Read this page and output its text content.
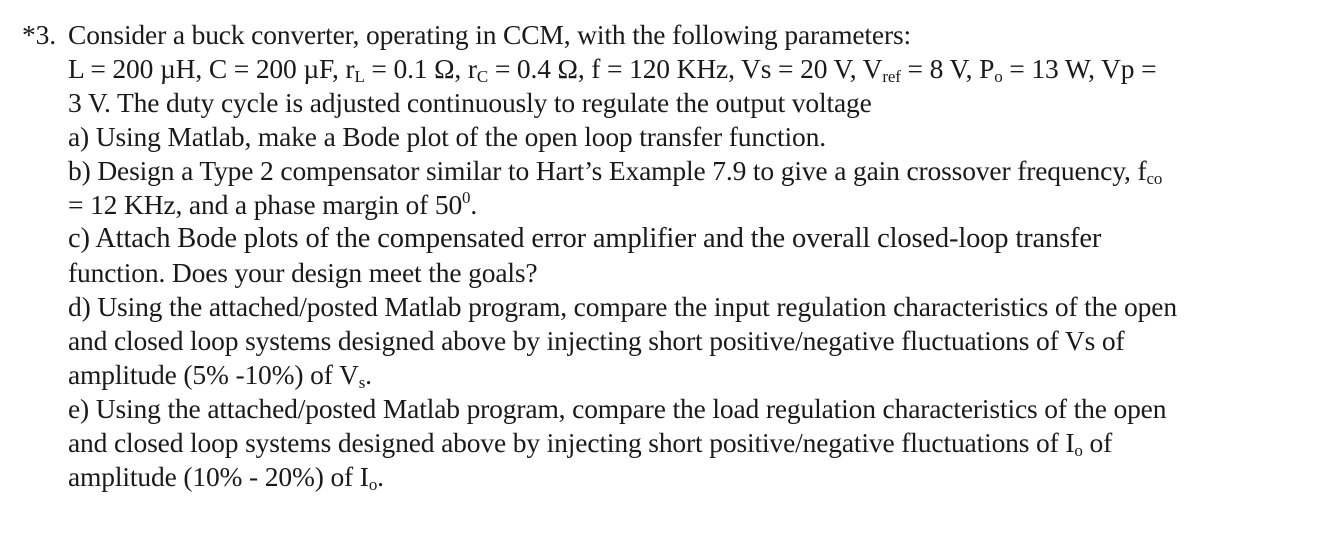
*3. Consider a buck converter, operating in CCM, with the following parameters:
L = 200 µH, C = 200 µF, $r_L = 0.1$ Ω, $r_C = 0.4$ Ω, f = 120 KHz, Vs = 20 V, $V_{ref} = 8$ V, $P_o = 13$ W, Vp =
3 V. The duty cycle is adjusted continuously to regulate the output voltage
a) Using Matlab, make a Bode plot of the open loop transfer function.
b) Design a Type 2 compensator similar to Hart’s Example 7.9 to give a gain crossover frequency, $f_{co}$
= 12 KHz, and a phase margin of $50^0$.
c) Attach Bode plots of the compensated error amplifier and the overall closed-loop transfer
function. Does your design meet the goals?
d) Using the attached/posted Matlab program, compare the input regulation characteristics of the open
and closed loop systems designed above by injecting short positive/negative fluctuations of Vs of
amplitude (5% -10%) of $V_s$.
e) Using the attached/posted Matlab program, compare the load regulation characteristics of the open
and closed loop systems designed above by injecting short positive/negative fluctuations of $I_o$ of
amplitude (10% - 20%) of $I_o$.
